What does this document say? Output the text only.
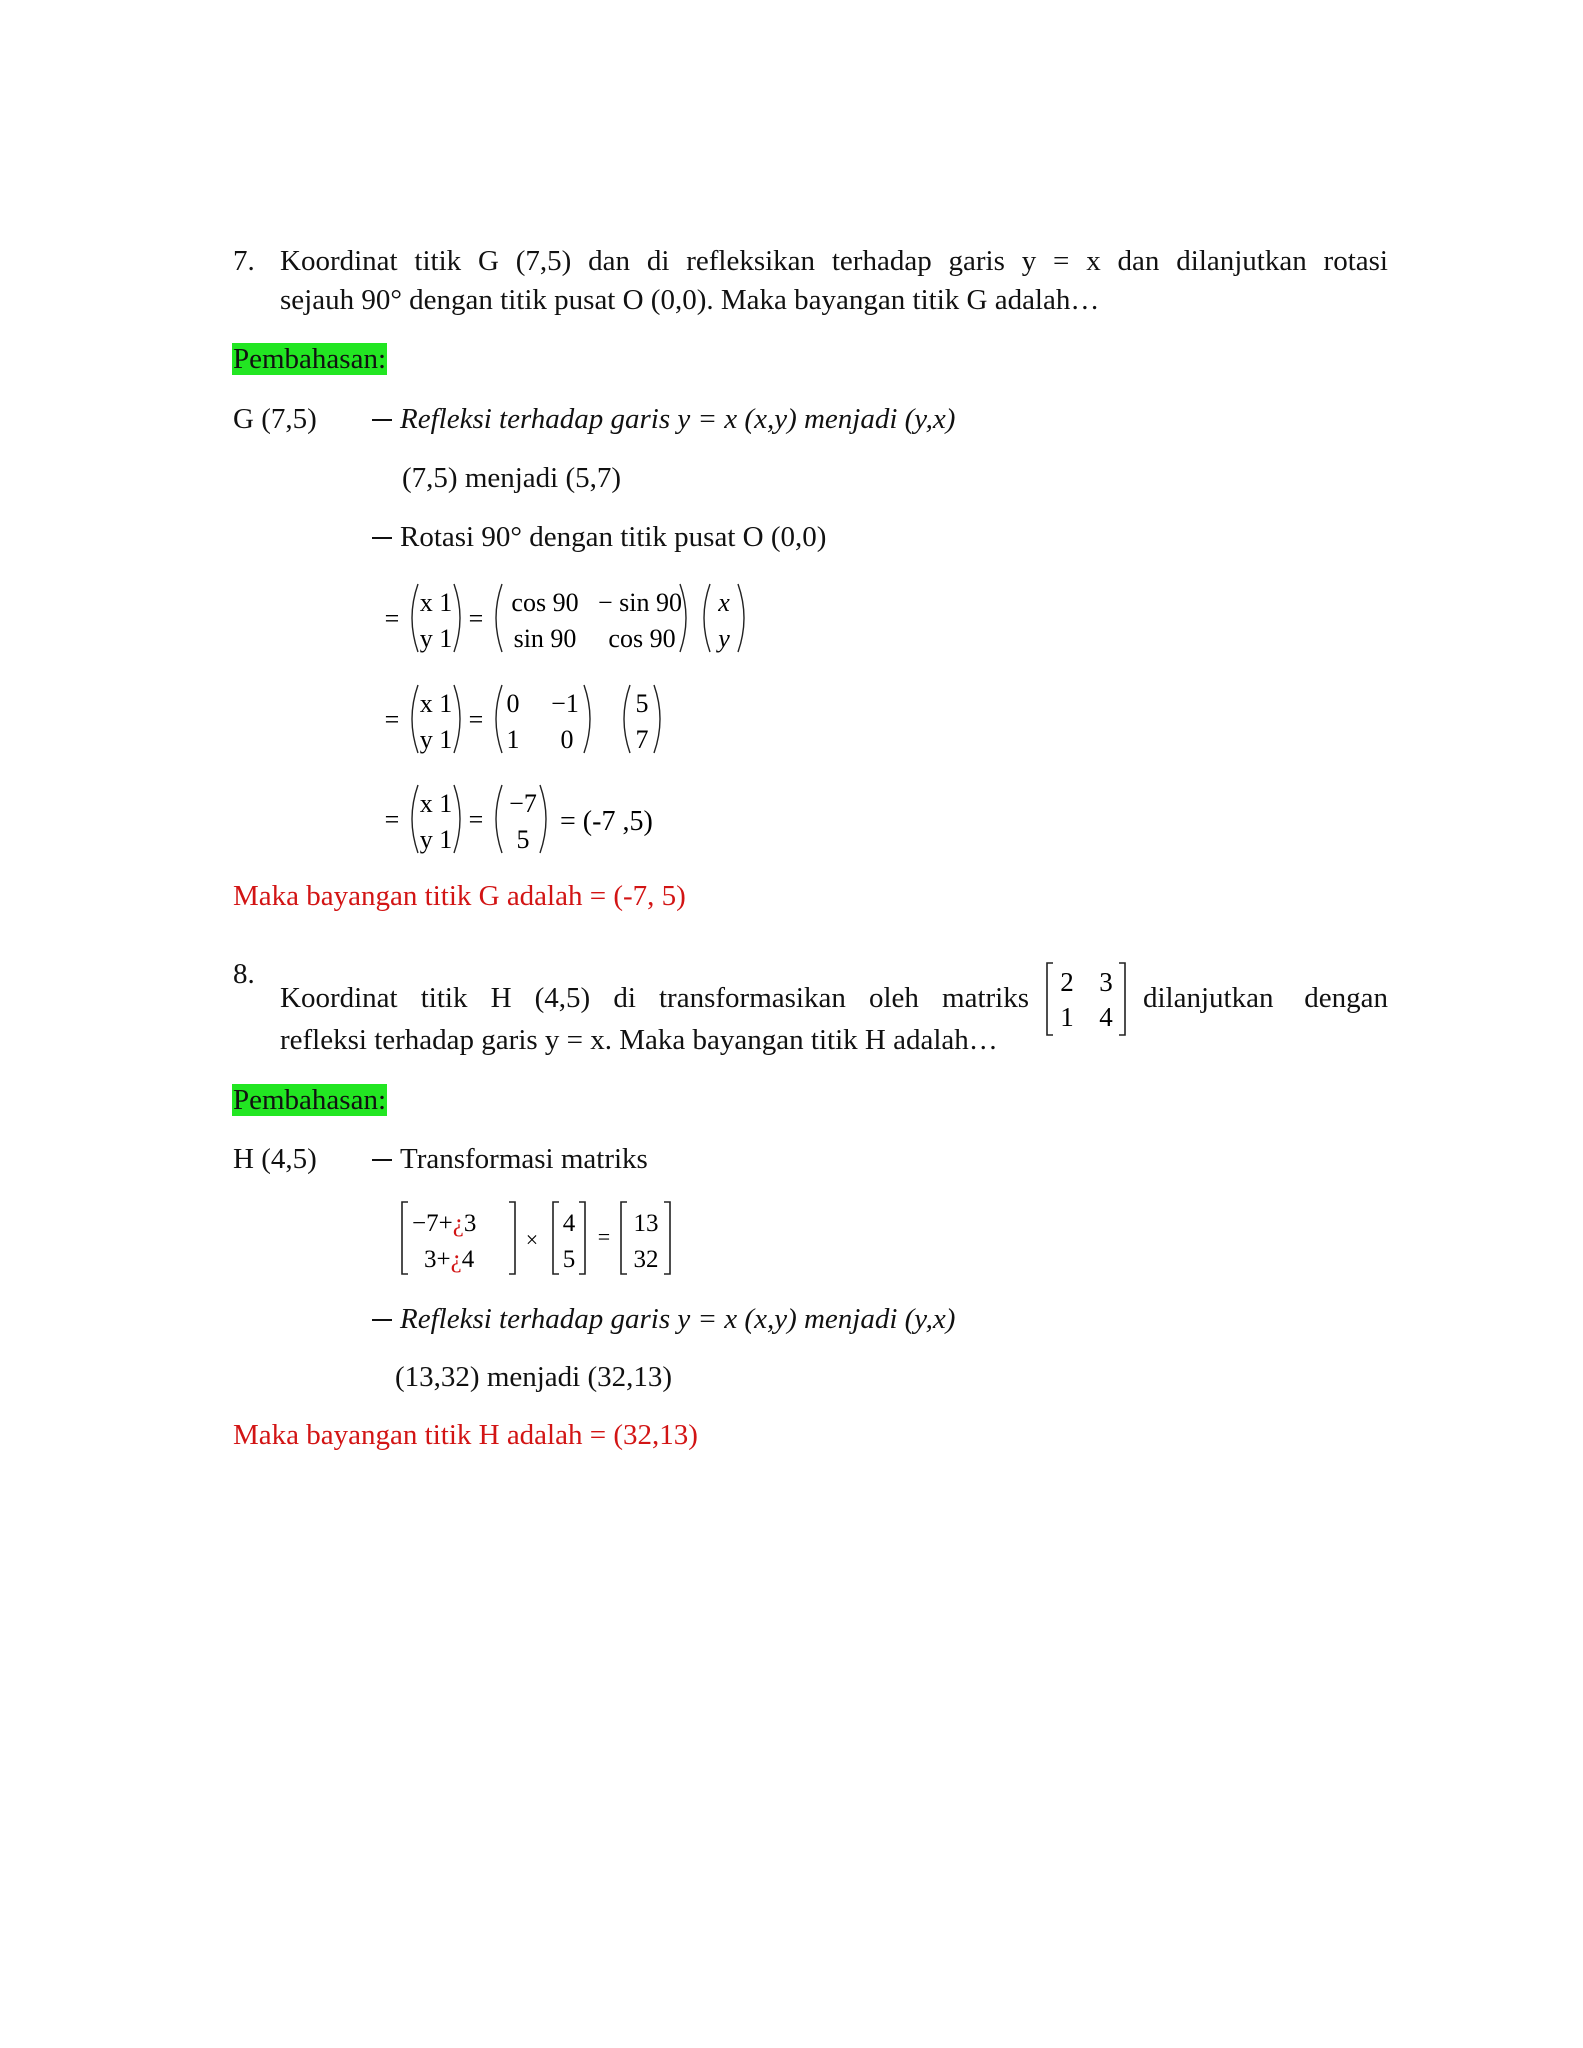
7. Koordinat titik G (7,5) dan di refleksikan terhadap garis y = x dan dilanjutkan rotasi
sejauh 90° dengan titik pusat O (0,0). Maka bayangan titik G adalah…
Pembahasan:
G (7,5)	Refleksi terhadap garis y = x (x,y) menjadi (y,x)
(7,5) menjadi (5,7)
Rotasi 90° dengan titik pusat O (0,0)
=
x 1
y 1
=
cos 90 − sin 90
sin 90 cos 90
x
y
=
x 1
y 1
=
0 −1
1 0
5
7
=
x 1
y 1
=
−7
5
= (-7 ,5)
Maka bayangan titik G adalah = (-7, 5)
8.
Koordinat titik H (4,5) di transformasikan oleh matriks	2 3
1 4
dilanjutkan dengan
refleksi terhadap garis y = x. Maka bayangan titik H adalah…
Pembahasan:
H (4,5)	Transformasi matriks
−7+¿3
3+¿4
×
4
5
= 13
32
Refleksi terhadap garis y = x (x,y) menjadi (y,x)
(13,32) menjadi (32,13)
Maka bayangan titik H adalah = (32,13)
